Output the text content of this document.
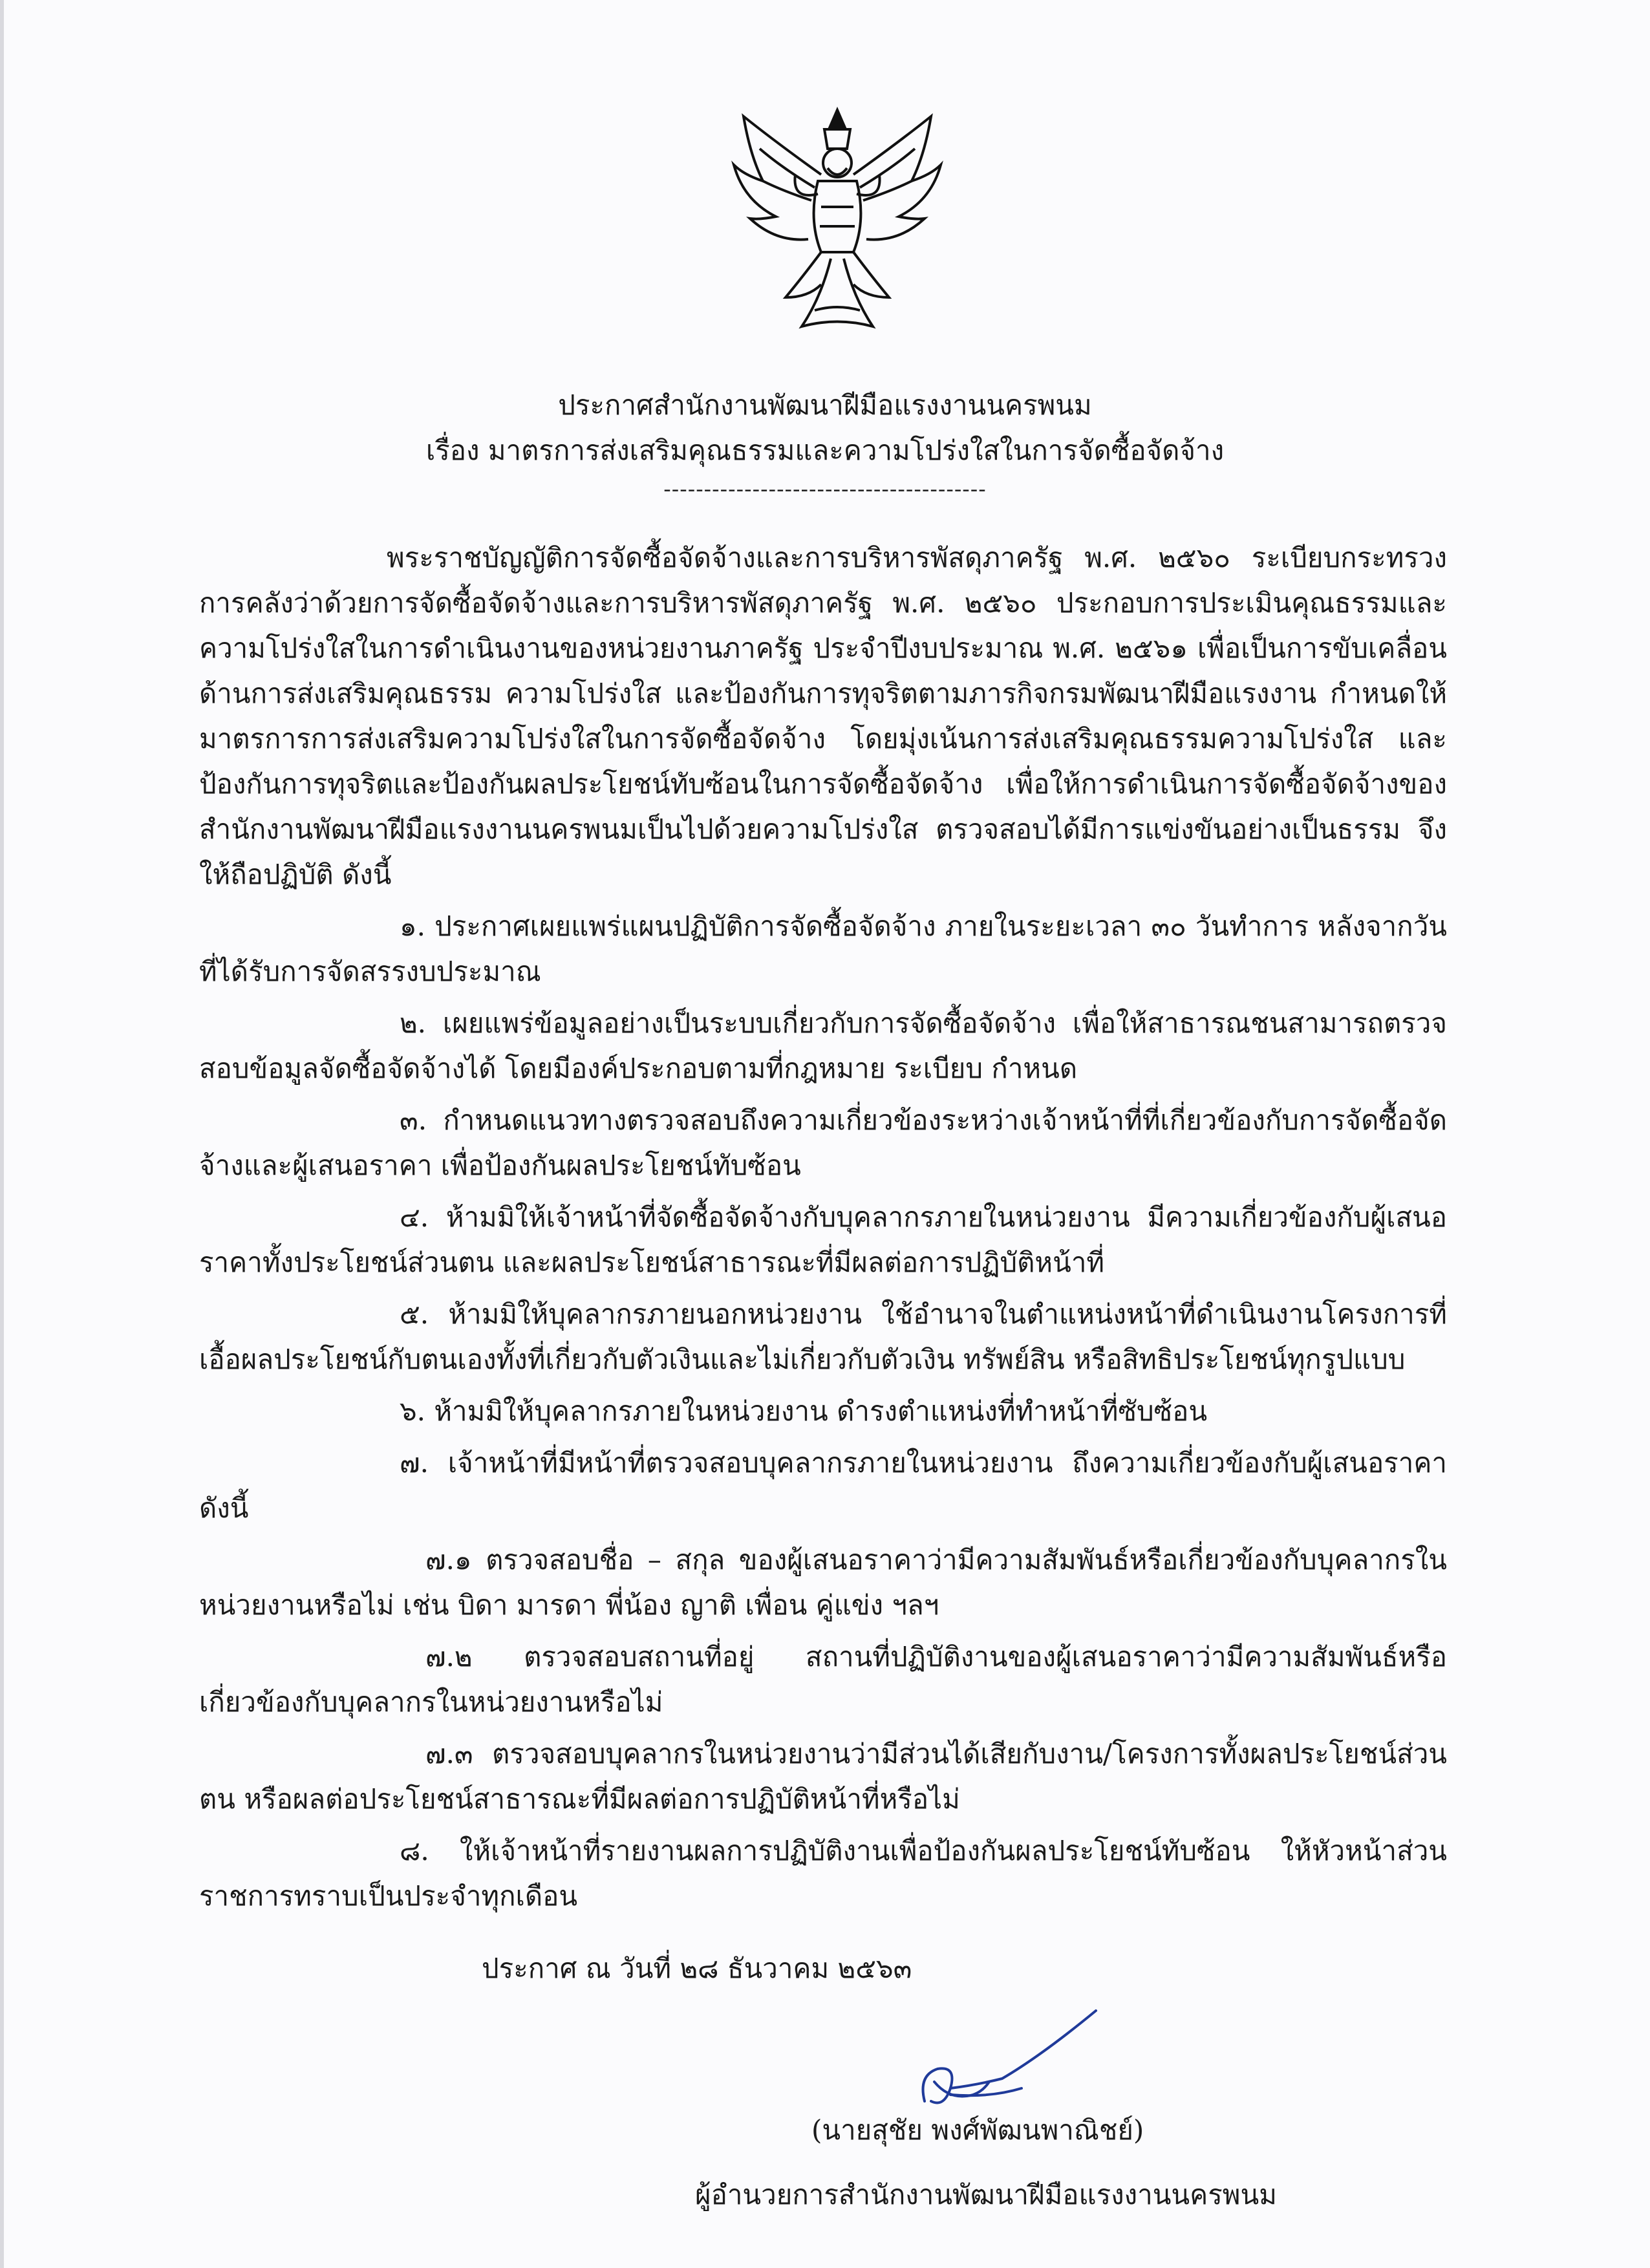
ประกาศสำนักงานพัฒนาฝีมือแรงงานนครพนม
เรื่อง มาตรการส่งเสริมคุณธรรมและความโปร่งใสในการจัดซื้อจัดจ้าง
----------------------------------------

พระราชบัญญัติการจัดซื้อจัดจ้างและการบริหารพัสดุภาครัฐ พ.ศ. ๒๕๖๐ ระเบียบกระทรวงการคลังว่าด้วยการจัดซื้อจัดจ้างและการบริหารพัสดุภาครัฐ พ.ศ. ๒๕๖๐ ประกอบการประเมินคุณธรรมและความโปร่งใสในการดำเนินงานของหน่วยงานภาครัฐ ประจำปีงบประมาณ พ.ศ. ๒๕๖๑ เพื่อเป็นการขับเคลื่อนด้านการส่งเสริมคุณธรรม ความโปร่งใส และป้องกันการทุจริตตามภารกิจกรมพัฒนาฝีมือแรงงาน กำหนดให้มาตรการการส่งเสริมความโปร่งใสในการจัดซื้อจัดจ้าง โดยมุ่งเน้นการส่งเสริมคุณธรรมความโปร่งใส และป้องกันการทุจริตและป้องกันผลประโยชน์ทับซ้อนในการจัดซื้อจัดจ้าง เพื่อให้การดำเนินการจัดซื้อจัดจ้างของสำนักงานพัฒนาฝีมือแรงงานนครพนมเป็นไปด้วยความโปร่งใส ตรวจสอบได้มีการแข่งขันอย่างเป็นธรรม จึงให้ถือปฏิบัติ ดังนี้

๑. ประกาศเผยแพร่แผนปฏิบัติการจัดซื้อจัดจ้าง ภายในระยะเวลา ๓๐ วันทำการ หลังจากวันที่ได้รับการจัดสรรงบประมาณ

๒. เผยแพร่ข้อมูลอย่างเป็นระบบเกี่ยวกับการจัดซื้อจัดจ้าง เพื่อให้สาธารณชนสามารถตรวจสอบข้อมูลจัดซื้อจัดจ้างได้ โดยมีองค์ประกอบตามที่กฎหมาย ระเบียบ กำหนด

๓. กำหนดแนวทางตรวจสอบถึงความเกี่ยวข้องระหว่างเจ้าหน้าที่ที่เกี่ยวข้องกับการจัดซื้อจัดจ้างและผู้เสนอราคา เพื่อป้องกันผลประโยชน์ทับซ้อน

๔. ห้ามมิให้เจ้าหน้าที่จัดซื้อจัดจ้างกับบุคลากรภายในหน่วยงาน มีความเกี่ยวข้องกับผู้เสนอราคาทั้งประโยชน์ส่วนตน และผลประโยชน์สาธารณะที่มีผลต่อการปฏิบัติหน้าที่

๕. ห้ามมิให้บุคลากรภายนอกหน่วยงาน ใช้อำนาจในตำแหน่งหน้าที่ดำเนินงานโครงการที่เอื้อผลประโยชน์กับตนเองทั้งที่เกี่ยวกับตัวเงินและไม่เกี่ยวกับตัวเงิน ทรัพย์สิน หรือสิทธิประโยชน์ทุกรูปแบบ

๖. ห้ามมิให้บุคลากรภายในหน่วยงาน ดำรงตำแหน่งที่ทำหน้าที่ซับซ้อน

๗. เจ้าหน้าที่มีหน้าที่ตรวจสอบบุคลากรภายในหน่วยงาน ถึงความเกี่ยวข้องกับผู้เสนอราคาดังนี้

๗.๑ ตรวจสอบชื่อ – สกุล ของผู้เสนอราคาว่ามีความสัมพันธ์หรือเกี่ยวข้องกับบุคลากรในหน่วยงานหรือไม่ เช่น บิดา มารดา พี่น้อง ญาติ เพื่อน คู่แข่ง ฯลฯ

๗.๒ ตรวจสอบสถานที่อยู่ สถานที่ปฏิบัติงานของผู้เสนอราคาว่ามีความสัมพันธ์หรือเกี่ยวข้องกับบุคลากรในหน่วยงานหรือไม่

๗.๓ ตรวจสอบบุคลากรในหน่วยงานว่ามีส่วนได้เสียกับงาน/โครงการทั้งผลประโยชน์ส่วนตน หรือผลต่อประโยชน์สาธารณะที่มีผลต่อการปฏิบัติหน้าที่หรือไม่

๘. ให้เจ้าหน้าที่รายงานผลการปฏิบัติงานเพื่อป้องกันผลประโยชน์ทับซ้อน ให้หัวหน้าส่วนราชการทราบเป็นประจำทุกเดือน

ประกาศ ณ วันที่ ๒๘ ธันวาคม ๒๕๖๓
(นายสุชัย พงศ์พัฒนพาณิชย์)
ผู้อำนวยการสำนักงานพัฒนาฝีมือแรงงานนครพนม
